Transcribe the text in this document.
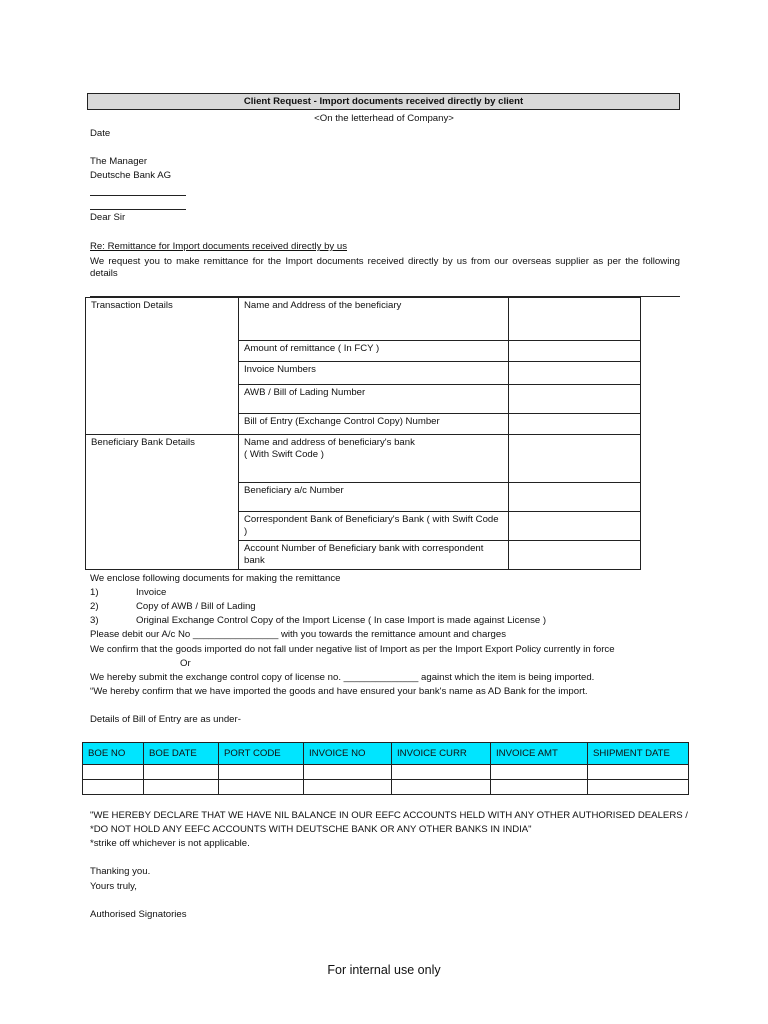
Client Request - Import documents received directly by client
<On the letterhead of Company>
Date
The Manager
Deutsche Bank AG
Dear Sir
Re: Remittance for Import documents received directly by us
We request you to make remittance for the Import documents received directly by us from our overseas supplier as per the following details
Transaction Details	Name and Address of the beneficiary	
	Amount of remittance ( In FCY )	
	Invoice Numbers	
	AWB / Bill of Lading Number	
	Bill of Entry (Exchange Control Copy) Number	
Beneficiary Bank Details	Name and address of beneficiary's bank
( With Swift Code )	
	Beneficiary a/c Number	
	Correspondent Bank of Beneficiary's Bank ( with Swift Code )	
	Account Number of Beneficiary bank with correspondent bank	
We enclose following documents for making the remittance
1)	Invoice
2)	Copy of AWB / Bill of Lading
3)	Original Exchange Control Copy of the Import License ( In case Import is made against License )
Please debit our A/c No ________________ with you towards the remittance amount and charges
We confirm that the goods imported do not fall under negative list of Import as per the Import Export Policy currently in force
Or
We hereby submit the exchange control copy of license no. ______________ against which the item is being imported.
“We hereby confirm that we have imported the goods and have ensured your bank's name as AD Bank for the import.
Details of Bill of Entry are as under-
BOE NO	BOE DATE	PORT CODE	INVOICE NO	INVOICE CURR	INVOICE AMT	SHIPMENT DATE

"WE HEREBY DECLARE THAT WE HAVE NIL BALANCE IN OUR EEFC ACCOUNTS HELD WITH ANY OTHER AUTHORISED DEALERS /
*DO NOT HOLD ANY EEFC ACCOUNTS WITH DEUTSCHE BANK OR ANY OTHER BANKS IN INDIA"
*strike off whichever is not applicable.
Thanking you.
Yours truly,
Authorised Signatories
For internal use only
